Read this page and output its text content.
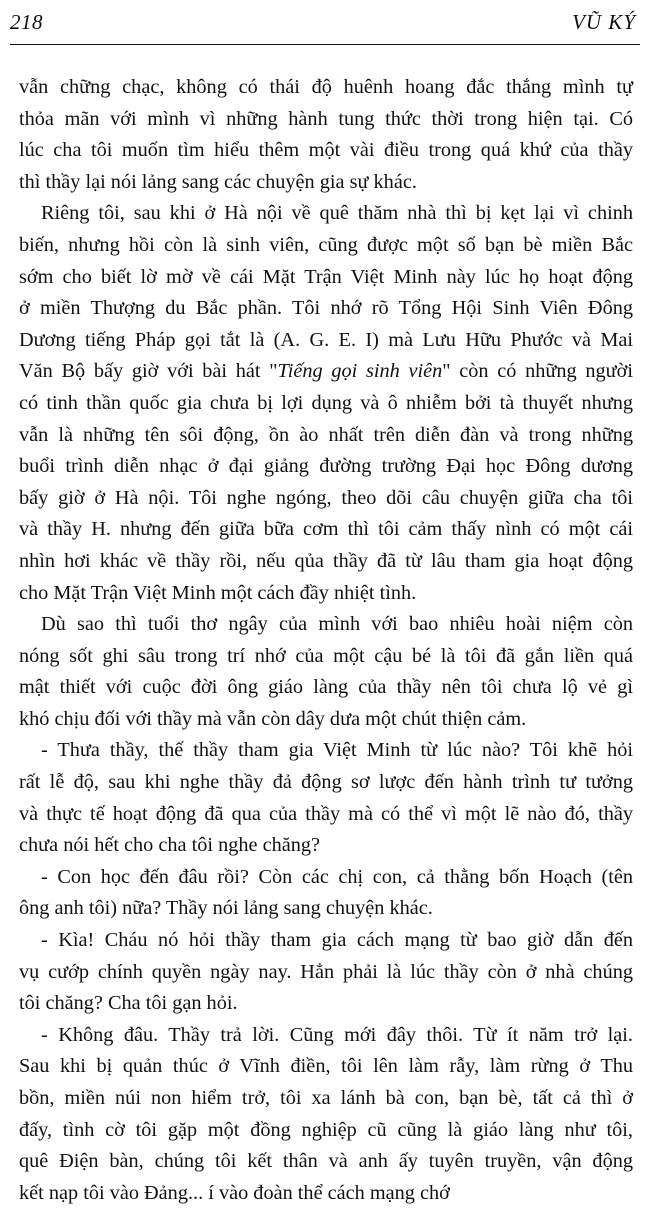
218	VŨ KÝ
vẫn chững chạc, không có thái độ huênh hoang đắc thắng mình tự
thỏa mãn với mình vì những hành tung thức thời trong hiện tại. Có
lúc cha tôi muốn tìm hiểu thêm một vài điều trong quá khứ của thầy
thì thầy lại nói lảng sang các chuyện gia sự khác.
Riêng tôi, sau khi ở Hà nội về quê thăm nhà thì bị kẹt lại vì chinh
biến, nhưng hồi còn là sinh viên, cũng được một số bạn bè miền Bắc
sớm cho biết lờ mờ về cái Mặt Trận Việt Minh này lúc họ hoạt động
ở miền Thượng du Bắc phần. Tôi nhớ rõ Tổng Hội Sinh Viên Đông
Dương tiếng Pháp gọi tắt là (A. G. E. I) mà Lưu Hữu Phước và Mai
Văn Bộ bấy giờ với bài hát "Tiếng gọi sinh viên" còn có những người
có tinh thần quốc gia chưa bị lợi dụng và ô nhiễm bởi tà thuyết nhưng
vẫn là những tên sôi động, ồn ào nhất trên diễn đàn và trong những
buổi trình diễn nhạc ở đại giảng đường trường Đại học Đông dương
bấy giờ ở Hà nội. Tôi nghe ngóng, theo dõi câu chuyện giữa cha tôi
và thầy H. nhưng đến giữa bữa cơm thì tôi cảm thấy nình có một cái
nhìn hơi khác về thầy rồi, nếu qủa thầy đã từ lâu tham gia hoạt động
cho Mặt Trận Việt Minh một cách đầy nhiệt tình.
Dù sao thì tuổi thơ ngây của mình với bao nhiêu hoài niệm còn
nóng sốt ghi sâu trong trí nhớ của một cậu bé là tôi đã gắn liền quá
mật thiết với cuộc đời ông giáo làng của thầy nên tôi chưa lộ vẻ gì
khó chịu đối với thầy mà vẫn còn dây dưa một chút thiện cảm.
- Thưa thầy, thế thầy tham gia Việt Minh từ lúc nào? Tôi khẽ hỏi
rất lễ độ, sau khi nghe thầy đả động sơ lược đến hành trình tư tưởng
và thực tế hoạt động đã qua của thầy mà có thể vì một lẽ nào đó, thầy
chưa nói hết cho cha tôi nghe chăng?
- Con học đến đâu rồi? Còn các chị con, cả thằng bốn Hoạch (tên
ông anh tôi) nữa? Thầy nói lảng sang chuyện khác.
- Kìa! Cháu nó hỏi thầy tham gia cách mạng từ bao giờ dẫn đến
vụ cướp chính quyền ngày nay. Hẳn phải là lúc thầy còn ở nhà chúng
tôi chăng? Cha tôi gạn hỏi.
- Không đâu. Thầy trả lời. Cũng mới đây thôi. Từ ít năm trở lại.
Sau khi bị quản thúc ở Vĩnh điền, tôi lên làm rẫy, làm rừng ở Thu
bồn, miền núi non hiểm trở, tôi xa lánh bà con, bạn bè, tất cả thì ở
đấy, tình cờ tôi gặp một đồng nghiệp cũ cũng là giáo làng như tôi,
quê Điện bàn, chúng tôi kết thân và anh ấy tuyên truyền, vận động
kết nạp tôi vào Đảng... í vào đoàn thể cách mạng chớ
